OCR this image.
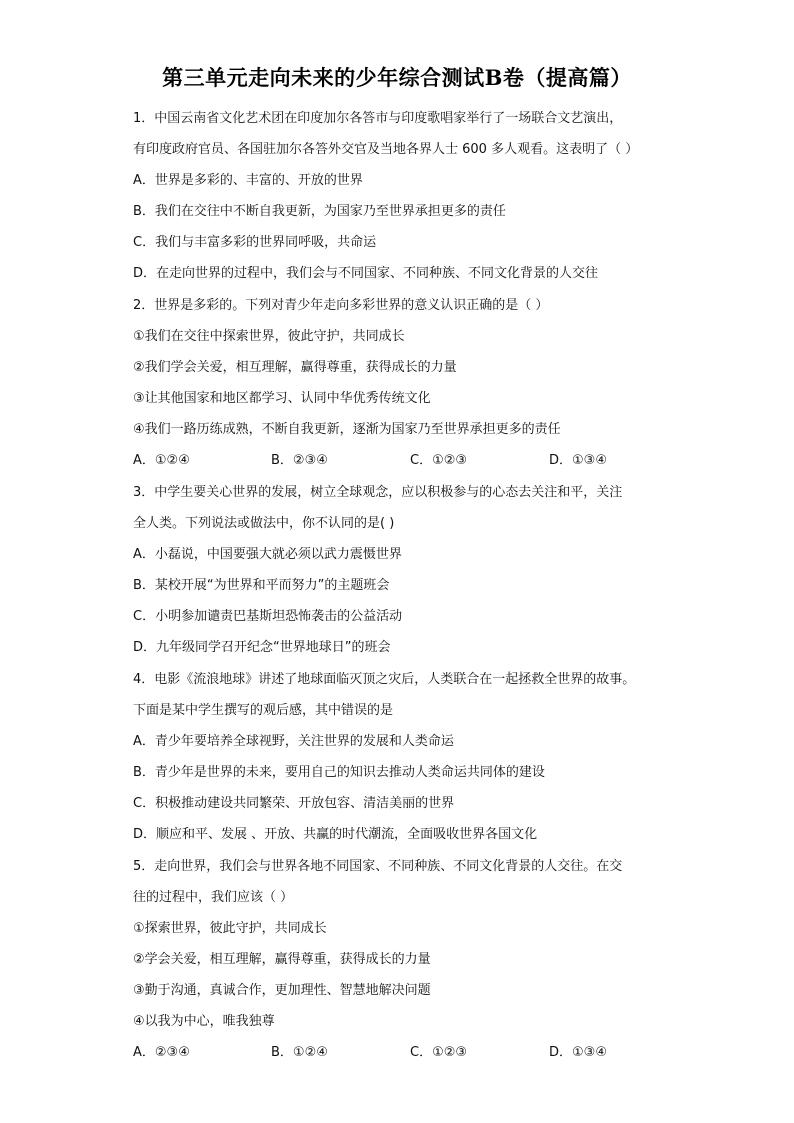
第三单元走向未来的少年综合测试B卷（提高篇）
1．中国云南省文化艺术团在印度加尔各答市与印度歌唱家举行了一场联合文艺演出，
有印度政府官员、各国驻加尔各答外交官及当地各界人士 600 多人观看。这表明了（ ）
A．世界是多彩的、丰富的、开放的世界
B．我们在交往中不断自我更新，为国家乃至世界承担更多的责任
C．我们与丰富多彩的世界同呼吸，共命运
D．在走向世界的过程中，我们会与不同国家、不同种族、不同文化背景的人交往
2．世界是多彩的。下列对青少年走向多彩世界的意义认识正确的是（ ）
①我们在交往中探索世界，彼此守护，共同成长
②我们学会关爱，相互理解，赢得尊重，获得成长的力量
③让其他国家和地区都学习、认同中华优秀传统文化
④我们一路历练成熟，不断自我更新，逐渐为国家乃至世界承担更多的责任
A．①②④	B．②③④	C．①②③	D．①③④
3．中学生要关心世界的发展，树立全球观念，应以积极参与的心态去关注和平，关注
全人类。下列说法或做法中，你不认同的是( )
A．小磊说，中国要强大就必须以武力震慑世界
B．某校开展“为世界和平而努力”的主题班会
C．小明参加谴责巴基斯坦恐怖袭击的公益活动
D．九年级同学召开纪念“世界地球日”的班会
4．电影《流浪地球》讲述了地球面临灭顶之灾后，人类联合在一起拯救全世界的故事。
下面是某中学生撰写的观后感，其中错误的是
A．青少年要培养全球视野，关注世界的发展和人类命运
B．青少年是世界的未来，要用自己的知识去推动人类命运共同体的建设
C．积极推动建设共同繁荣、开放包容、清洁美丽的世界
D．顺应和平、发展 、开放、共赢的时代潮流，全面吸收世界各国文化
5．走向世界，我们会与世界各地不同国家、不同种族、不同文化背景的人交往。在交
往的过程中，我们应该（ ）
①探索世界，彼此守护，共同成长
②学会关爱，相互理解，赢得尊重，获得成长的力量
③勤于沟通，真诚合作，更加理性、智慧地解决问题
④以我为中心，唯我独尊
A．②③④	B．①②④	C．①②③	D．①③④
